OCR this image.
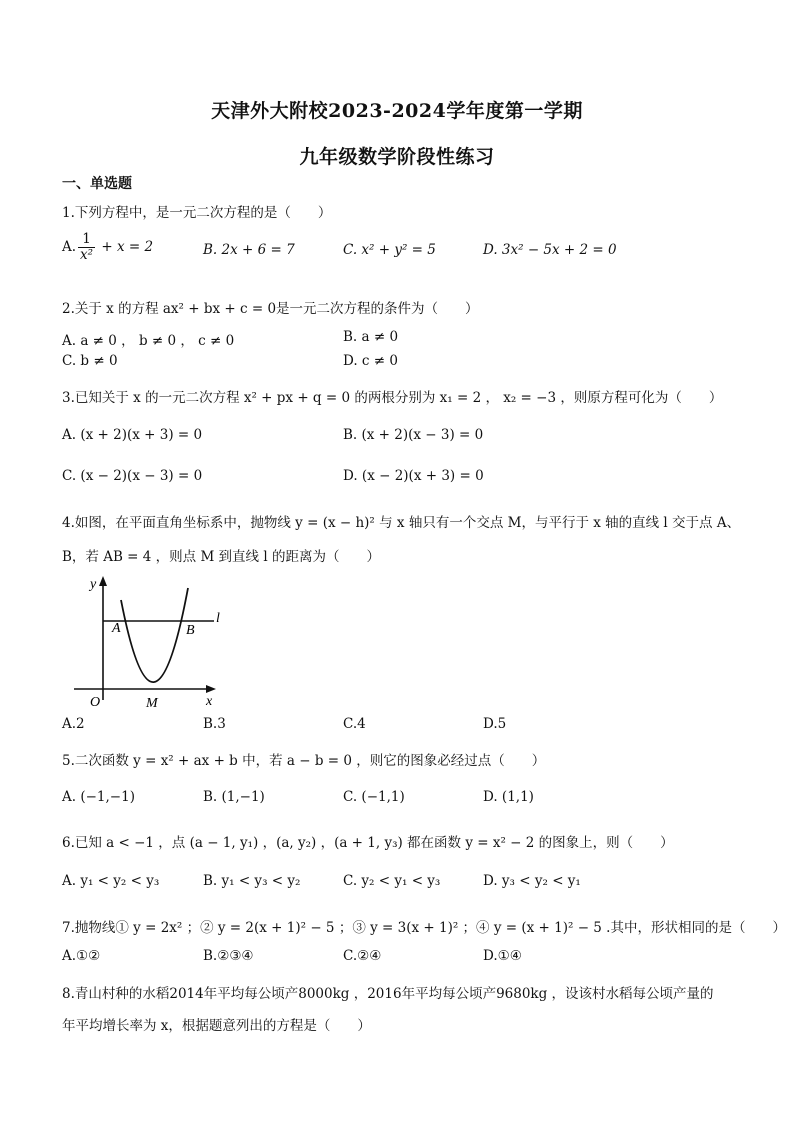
天津外大附校2023-2024学年度第一学期
九年级数学阶段性练习
一、单选题
1.下列方程中，是一元二次方程的是（　　）
A. $\frac{1}{\text{x²}} + x = 2$	B. 2x + 6 = 7	C. x² + y² = 5	D. 3x² − 5x + 2 = 0
2.关于 x 的方程 ax² + bx + c = 0是一元二次方程的条件为（　　）
A. a ≠ 0 ， b ≠ 0 ， c ≠ 0	B. a ≠ 0
C. b ≠ 0	D. c ≠ 0
3.已知关于 x 的一元二次方程 x² + px + q = 0 的两根分别为 x₁ = 2 ， x₂ = −3 ，则原方程可化为（　　）
A. (x + 2)(x + 3) = 0	B. (x + 2)(x − 3) = 0
C. (x − 2)(x − 3) = 0	D. (x − 2)(x + 3) = 0
4.如图，在平面直角坐标系中，抛物线 y = (x − h)² 与 x 轴只有一个交点 M，与平行于 x 轴的直线 l 交于点 A、
B，若 AB = 4 ，则点 M 到直线 l 的距离为（　　）
y
x
O
A	B
M
l
A.2	B.3	C.4	D.5
5.二次函数 y = x² + ax + b 中，若 a − b = 0 ，则它的图象必经过点（　　）
A. (−1,−1)	B. (1,−1)	C. (−1,1)	D. (1,1)
6.已知 a < −1 ，点 (a − 1, y₁) ，(a, y₂) ，(a + 1, y₃) 都在函数 y = x² − 2 的图象上，则（　　）
A. y₁ < y₂ < y₃	B. y₁ < y₃ < y₂	C. y₂ < y₁ < y₃	D. y₃ < y₂ < y₁
7.抛物线① y = 2x² ；② y = 2(x + 1)² − 5 ；③ y = 3(x + 1)² ；④ y = (x + 1)² − 5 .其中，形状相同的是（　　）
A.①②	B.②③④	C.②④	D.①④
8.青山村种的水稻2014年平均每公顷产8000kg ，2016年平均每公顷产9680kg ，设该村水稻每公顷产量的
年平均增长率为 x，根据题意列出的方程是（　　）
